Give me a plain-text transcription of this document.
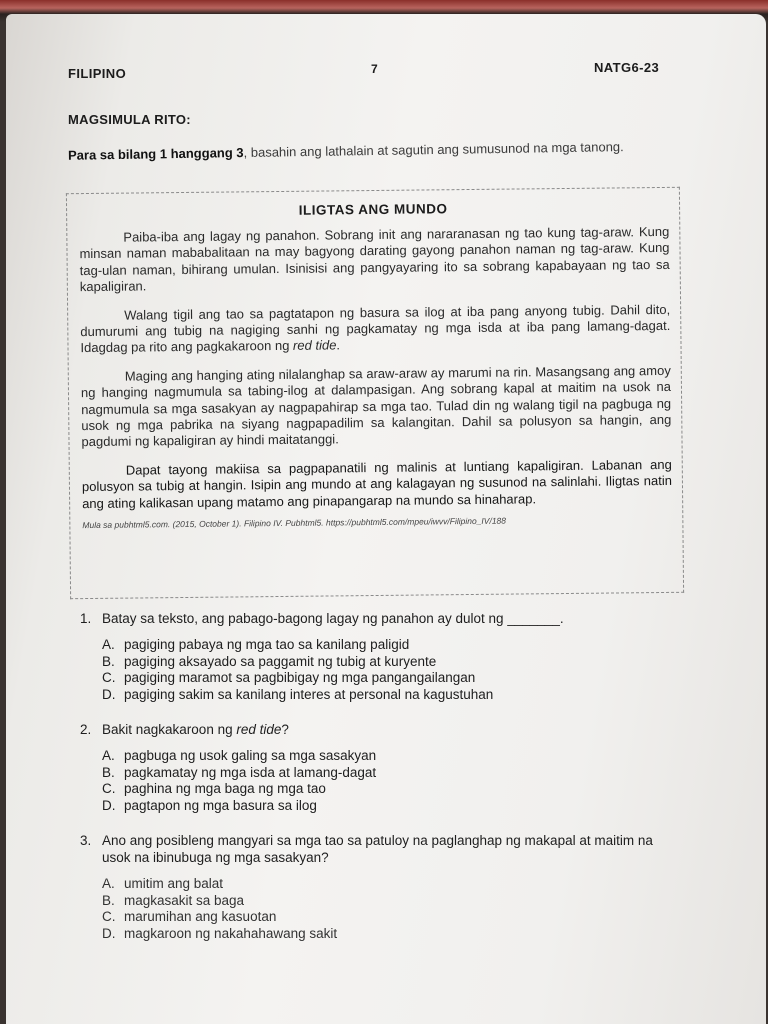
FILIPINO	7	NATG6-23
MAGSIMULA RITO:
Para sa bilang 1 hanggang 3, basahin ang lathalain at sagutin ang sumusunod na mga tanong.
ILIGTAS ANG MUNDO
Paiba-iba ang lagay ng panahon. Sobrang init ang nararanasan ng tao kung tag-araw. Kung minsan naman mababalitaan na may bagyong darating gayong panahon naman ng tag-araw. Kung tag-ulan naman, bihirang umulan. Isinisisi ang pangyayaring ito sa sobrang kapabayaan ng tao sa kapaligiran.
Walang tigil ang tao sa pagtatapon ng basura sa ilog at iba pang anyong tubig. Dahil dito, dumurumi ang tubig na nagiging sanhi ng pagkamatay ng mga isda at iba pang lamang-dagat. Idagdag pa rito ang pagkakaroon ng red tide.
Maging ang hanging ating nilalanghap sa araw-araw ay marumi na rin. Masangsang ang amoy ng hanging nagmumula sa tabing-ilog at dalampasigan. Ang sobrang kapal at maitim na usok na nagmumula sa mga sasakyan ay nagpapahirap sa mga tao. Tulad din ng walang tigil na pagbuga ng usok ng mga pabrika na siyang nagpapadilim sa kalangitan. Dahil sa polusyon sa hangin, ang pagdumi ng kapaligiran ay hindi maitatanggi.
Dapat tayong makiisa sa pagpapanatili ng malinis at luntiang kapaligiran. Labanan ang polusyon sa tubig at hangin. Isipin ang mundo at ang kalagayan ng susunod na salinlahi. Iligtas natin ang ating kalikasan upang matamo ang pinapangarap na mundo sa hinaharap.
Mula sa pubhtml5.com. (2015, October 1). Filipino IV. Pubhtml5. https://pubhtml5.com/mpeu/iwvv/Filipino_IV/188
1. Batay sa teksto, ang pabago-bagong lagay ng panahon ay dulot ng _______.
A. pagiging pabaya ng mga tao sa kanilang paligid
B. pagiging aksayado sa paggamit ng tubig at kuryente
C. pagiging maramot sa pagbibigay ng mga pangangailangan
D. pagiging sakim sa kanilang interes at personal na kagustuhan
2. Bakit nagkakaroon ng red tide?
A. pagbuga ng usok galing sa mga sasakyan
B. pagkamatay ng mga isda at lamang-dagat
C. paghina ng mga baga ng mga tao
D. pagtapon ng mga basura sa ilog
3. Ano ang posibleng mangyari sa mga tao sa patuloy na paglanghap ng makapal at maitim na usok na ibinubuga ng mga sasakyan?
A. umitim ang balat
B. magkasakit sa baga
C. marumihan ang kasuotan
D. magkaroon ng nakahahawang sakit
